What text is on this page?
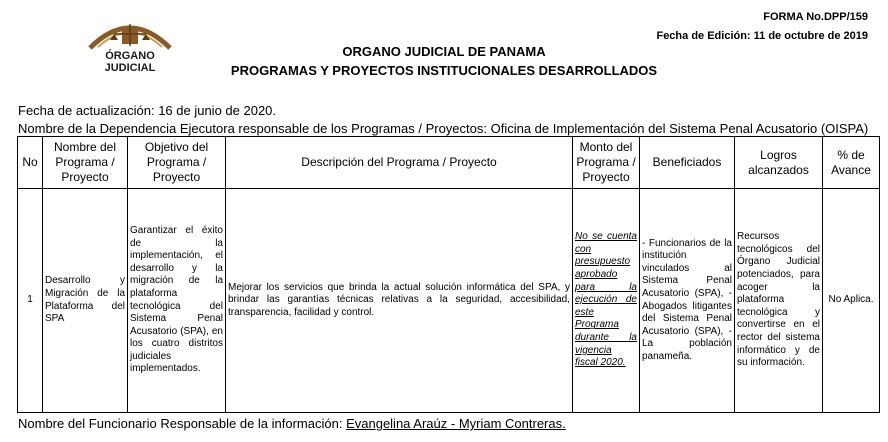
ÓRGANO
JUDICIAL
FORMA No.DPP/159
Fecha de Edición: 11 de octubre de 2019
ORGANO JUDICIAL DE PANAMA
PROGRAMAS Y PROYECTOS INSTITUCIONALES DESARROLLADOS
Fecha de actualización: 16 de junio de 2020.
Nombre de la Dependencia Ejecutora responsable de los Programas / Proyectos: Oficina de Implementación del Sistema Penal Acusatorio (OISPA)
No	Nombre del Programa / Proyecto	Objetivo del Programa / Proyecto	Descripción del Programa / Proyecto	Monto del Programa / Proyecto	Beneficiados	Logros alcanzados	% de Avance
1	Desarrollo y Migración de la Plataforma del SPA	Garantizar el éxito de la implementación, el desarrollo y la migración de la plataforma tecnológica del Sistema Penal Acusatorio (SPA), en los cuatro distritos judiciales implementados.	Mejorar los servicios que brinda la actual solución informática del SPA, y brindar las garantías técnicas relativas a la seguridad, accesibilidad, transparencia, facilidad y control.	No se cuenta con presupuesto aprobado para la ejecución de este Programa durante la vigencia fiscal 2020.	- Funcionarios de la institución vinculados al Sistema Penal Acusatorio (SPA), - Abogados litigantes del Sistema Penal Acusatorio (SPA), - La población panameña.	Recursos tecnológicos del Órgano Judicial potenciados, para acoger la plataforma tecnológica y convertirse en el rector del sistema informático y de su información.	No Aplica.
Nombre del Funcionario Responsable de la información: Evangelina Araúz - Myriam Contreras.
